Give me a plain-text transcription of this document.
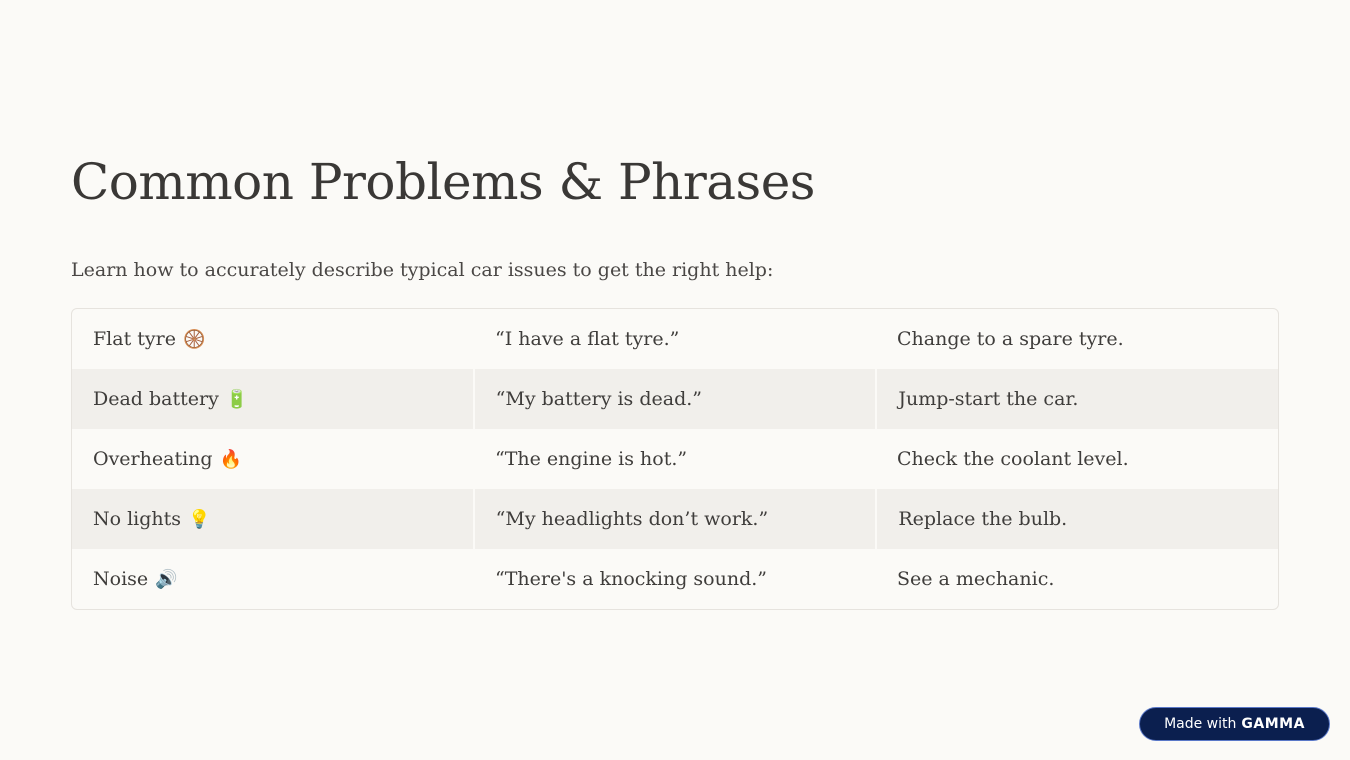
Common Problems & Phrases

Learn how to accurately describe typical car issues to get the right help:

Flat tyre 🛞	“I have a flat tyre.”	Change to a spare tyre.
Dead battery 🔋	“My battery is dead.”	Jump-start the car.
Overheating 🔥	“The engine is hot.”	Check the coolant level.
No lights 💡	“My headlights don’t work.”	Replace the bulb.
Noise 🔊	“There's a knocking sound.”	See a mechanic.
Made with GAMMA
